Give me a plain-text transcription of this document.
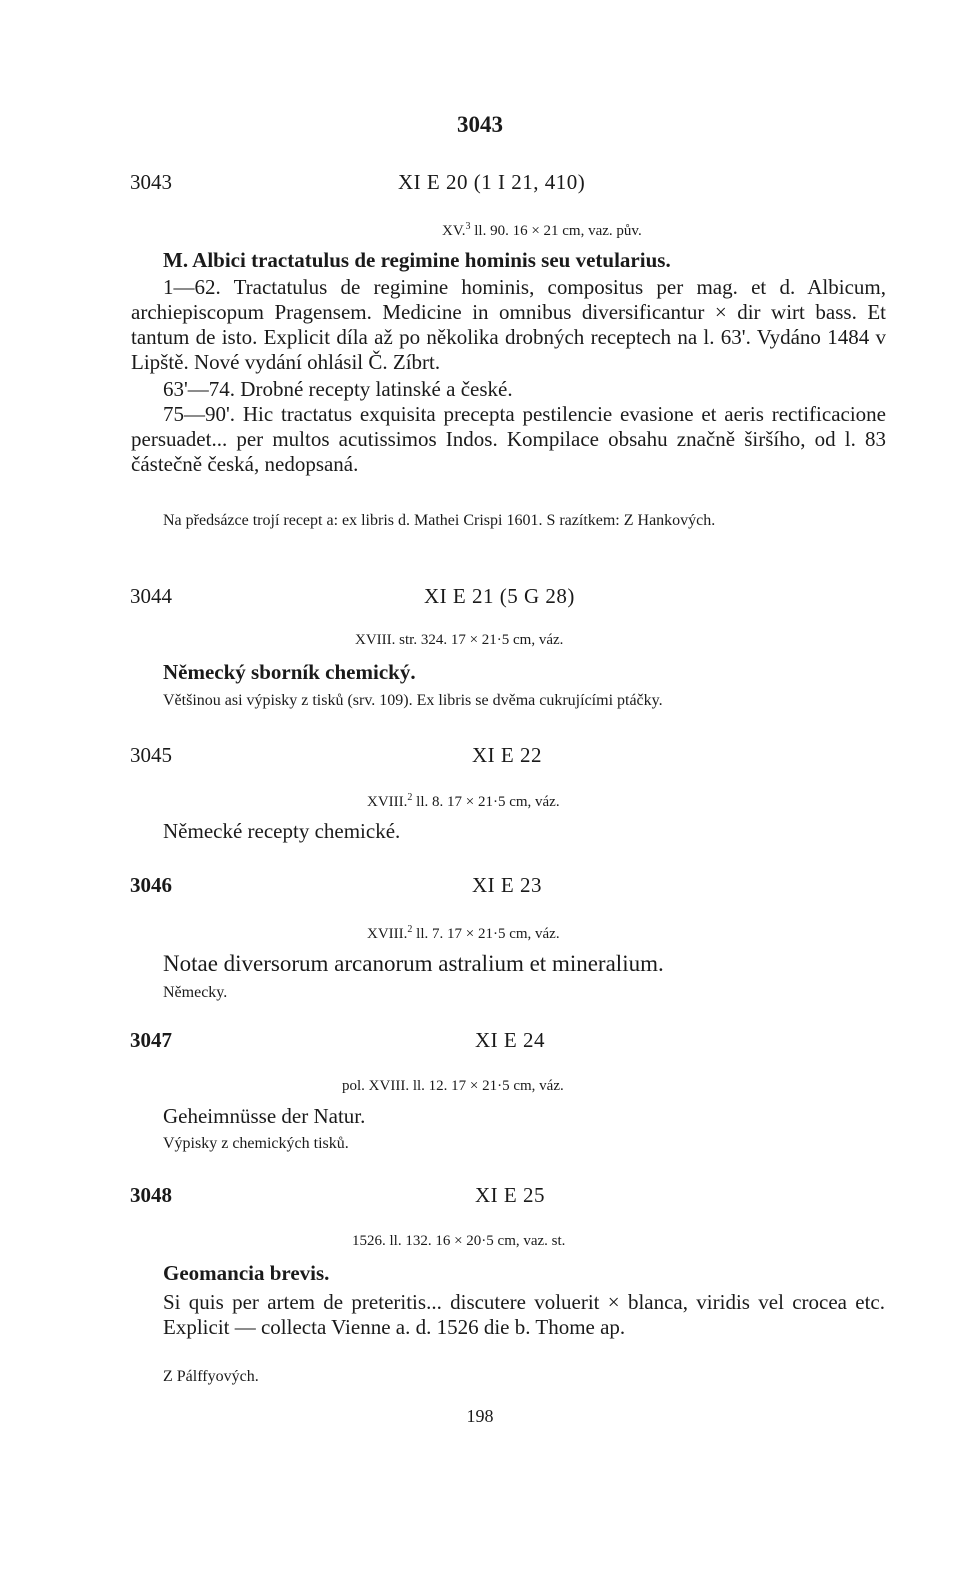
3043
3043	XI E 20 (1 I 21, 410)
XV.$^3$ ll. 90. 16 × 21 cm, vaz. pův.
M. Albici tractatulus de regimine hominis seu vetularius.

1—62. Tractatulus de regimine hominis, compositus per mag. et d. Albicum, archiepiscopum Pragensem. Medicine in omnibus diversificantur × dir wirt bass. Et tantum de isto. Explicit díla až po několika drobných receptech na l. 63'. Vydáno 1484 v Lipště. Nové vydání ohlásil Č. Zíbrt.

63'—74. Drobné recepty latinské a české.

75—90'. Hic tractatus exquisita precepta pestilencie evasione et aeris rectificacione persuadet... per multos acutissimos Indos. Kompilace obsahu značně širšího, od l. 83 částečně česká, nedopsaná.

Na předsázce trojí recept a: ex libris d. Mathei Crispi 1601. S razítkem: Z Hankových.
3044	XI E 21 (5 G 28)
XVIII. str. 324. 17 × 21·5 cm, váz.
Německý sborník chemický.
Většinou asi výpisky z tisků (srv. 109). Ex libris se dvěma cukrujícími ptáčky.
3045	XI E 22
XVIII.$^2$ ll. 8. 17 × 21·5 cm, váz.
Německé recepty chemické.
3046	XI E 23
XVIII.$^2$ ll. 7. 17 × 21·5 cm, váz.
Notae diversorum arcanorum astralium et mineralium.
Německy.
3047	XI E 24
pol. XVIII. ll. 12. 17 × 21·5 cm, váz.
Geheimnüsse der Natur.
Výpisky z chemických tisků.
3048	XI E 25
1526. ll. 132. 16 × 20·5 cm, vaz. st.
Geomancia brevis.

Si quis per artem de preteritis... discutere voluerit × blanca, viridis vel crocea etc. Explicit — collecta Vienne a. d. 1526 die b. Thome ap.

Z Pálffyových.
198
